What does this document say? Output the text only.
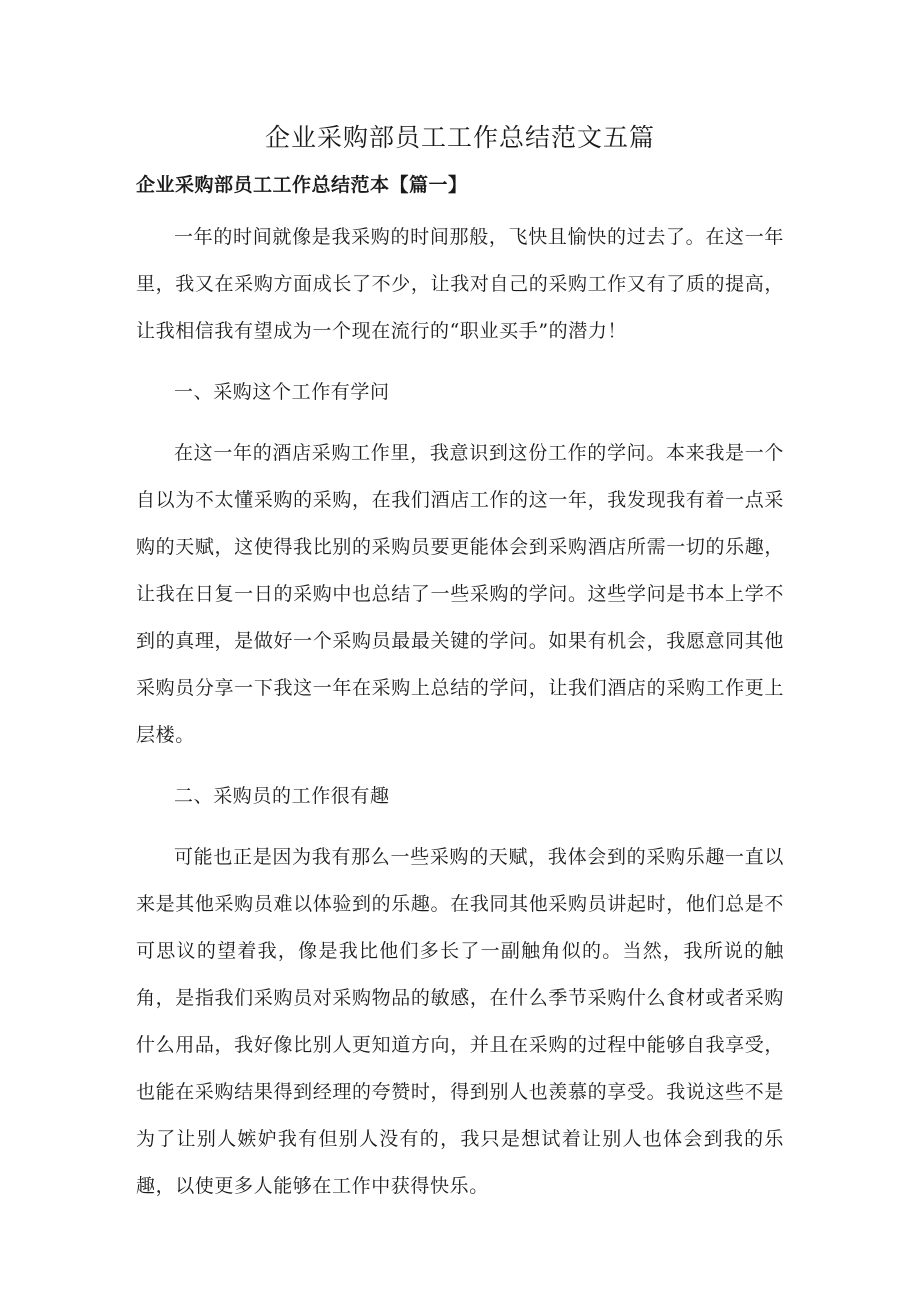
企业采购部员工工作总结范文五篇
企业采购部员工工作总结范本【篇一】

一年的时间就像是我采购的时间那般，飞快且愉快的过去了。在这一年里，我又在采购方面成长了不少，让我对自己的采购工作又有了质的提高，让我相信我有望成为一个现在流行的“职业买手”的潜力！

一、采购这个工作有学问

在这一年的酒店采购工作里，我意识到这份工作的学问。本来我是一个自以为不太懂采购的采购，在我们酒店工作的这一年，我发现我有着一点采购的天赋，这使得我比别的采购员要更能体会到采购酒店所需一切的乐趣，让我在日复一日的采购中也总结了一些采购的学问。这些学问是书本上学不到的真理，是做好一个采购员最最关键的学问。如果有机会，我愿意同其他采购员分享一下我这一年在采购上总结的学问，让我们酒店的采购工作更上层楼。

二、采购员的工作很有趣

可能也正是因为我有那么一些采购的天赋，我体会到的采购乐趣一直以来是其他采购员难以体验到的乐趣。在我同其他采购员讲起时，他们总是不可思议的望着我，像是我比他们多长了一副触角似的。当然，我所说的触角，是指我们采购员对采购物品的敏感，在什么季节采购什么食材或者采购什么用品，我好像比别人更知道方向，并且在采购的过程中能够自我享受，也能在采购结果得到经理的夸赞时，得到别人也羡慕的享受。我说这些不是为了让别人嫉妒我有但别人没有的，我只是想试着让别人也体会到我的乐趣，以使更多人能够在工作中获得快乐。
